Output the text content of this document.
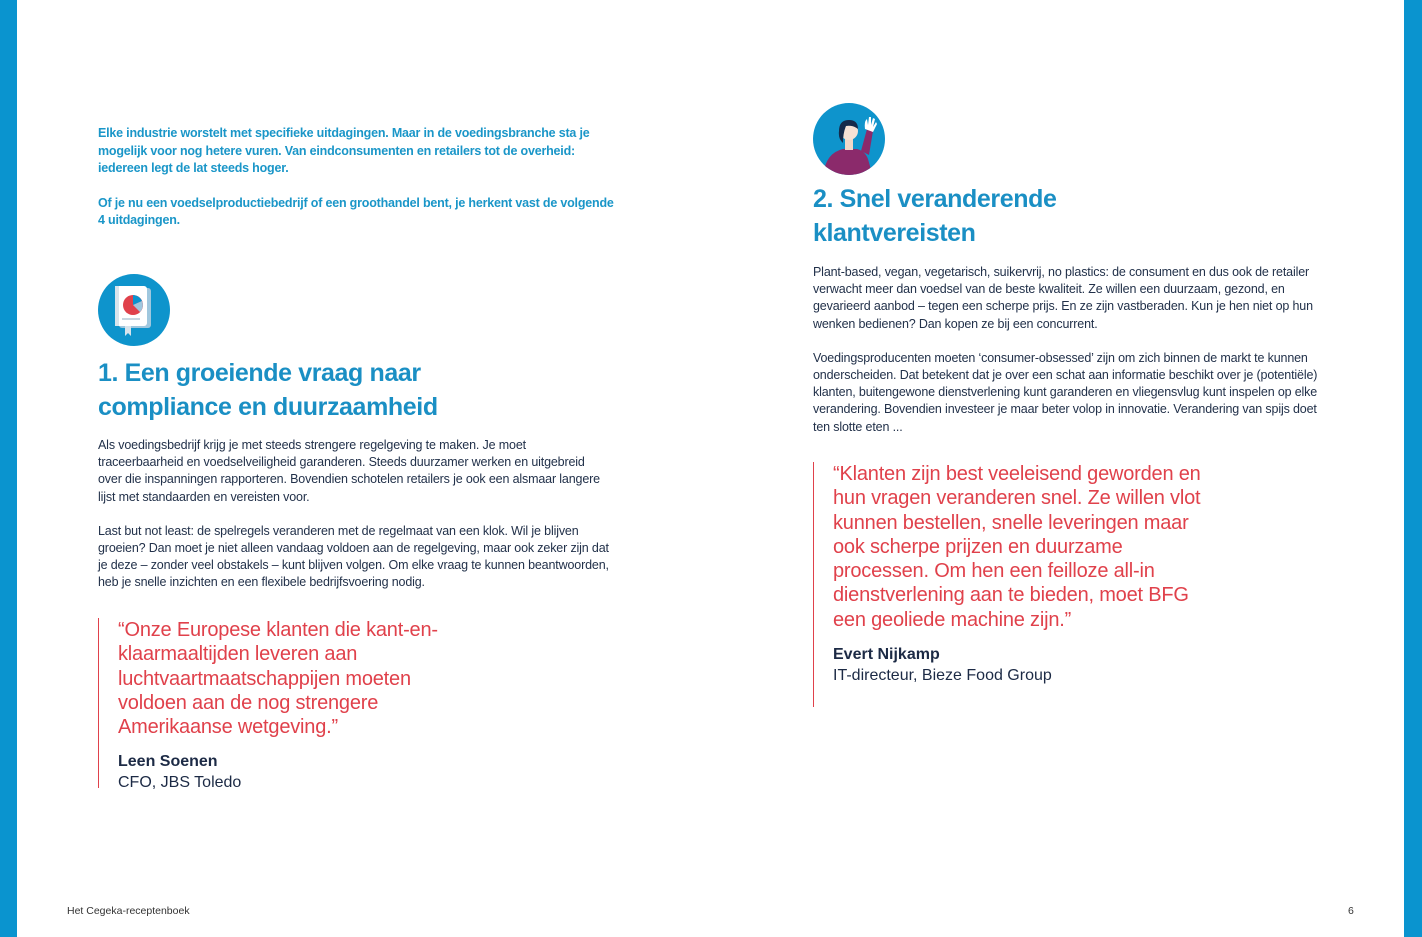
Elke industrie worstelt met specifieke uitdagingen. Maar in de voedingsbranche sta je mogelijk voor nog hetere vuren. Van eindconsumenten en retailers tot de overheid: iedereen legt de lat steeds hoger.

Of je nu een voedselproductiebedrijf of een groothandel bent, je herkent vast de volgende 4 uitdagingen.

1. Een groeiende vraag naar compliance en duurzaamheid

Als voedingsbedrijf krijg je met steeds strengere regelgeving te maken. Je moet traceerbaarheid en voedselveiligheid garanderen. Steeds duurzamer werken en uitgebreid over die inspanningen rapporteren. Bovendien schotelen retailers je ook een alsmaar langere lijst met standaarden en vereisten voor.

Last but not least: de spelregels veranderen met de regelmaat van een klok. Wil je blijven groeien? Dan moet je niet alleen vandaag voldoen aan de regelgeving, maar ook zeker zijn dat je deze – zonder veel obstakels – kunt blijven volgen. Om elke vraag te kunnen beantwoorden, heb je snelle inzichten en een flexibele bedrijfsvoering nodig.

“Onze Europese klanten die kant-en-klaarmaaltijden leveren aan luchtvaartmaatschappijen moeten voldoen aan de nog strengere Amerikaanse wetgeving.”

Leen Soenen
CFO, JBS Toledo
2. Snel veranderende klantvereisten

Plant-based, vegan, vegetarisch, suikervrij, no plastics: de consument en dus ook de retailer verwacht meer dan voedsel van de beste kwaliteit. Ze willen een duurzaam, gezond, en gevarieerd aanbod – tegen een scherpe prijs. En ze zijn vastberaden. Kun je hen niet op hun wenken bedienen? Dan kopen ze bij een concurrent.

Voedingsproducenten moeten ‘consumer-obsessed’ zijn om zich binnen de markt te kunnen onderscheiden. Dat betekent dat je over een schat aan informatie beschikt over je (potentiële) klanten, buitengewone dienstverlening kunt garanderen en vliegensvlug kunt inspelen op elke verandering. Bovendien investeer je maar beter volop in innovatie. Verandering van spijs doet ten slotte eten ...

“Klanten zijn best veeleisend geworden en hun vragen veranderen snel. Ze willen vlot kunnen bestellen, snelle leveringen maar ook scherpe prijzen en duurzame processen. Om hen een feilloze all-in dienstverlening aan te bieden, moet BFG een geoliede machine zijn.”

Evert Nijkamp
IT-directeur, Bieze Food Group
Het Cegeka-receptenboek	6
